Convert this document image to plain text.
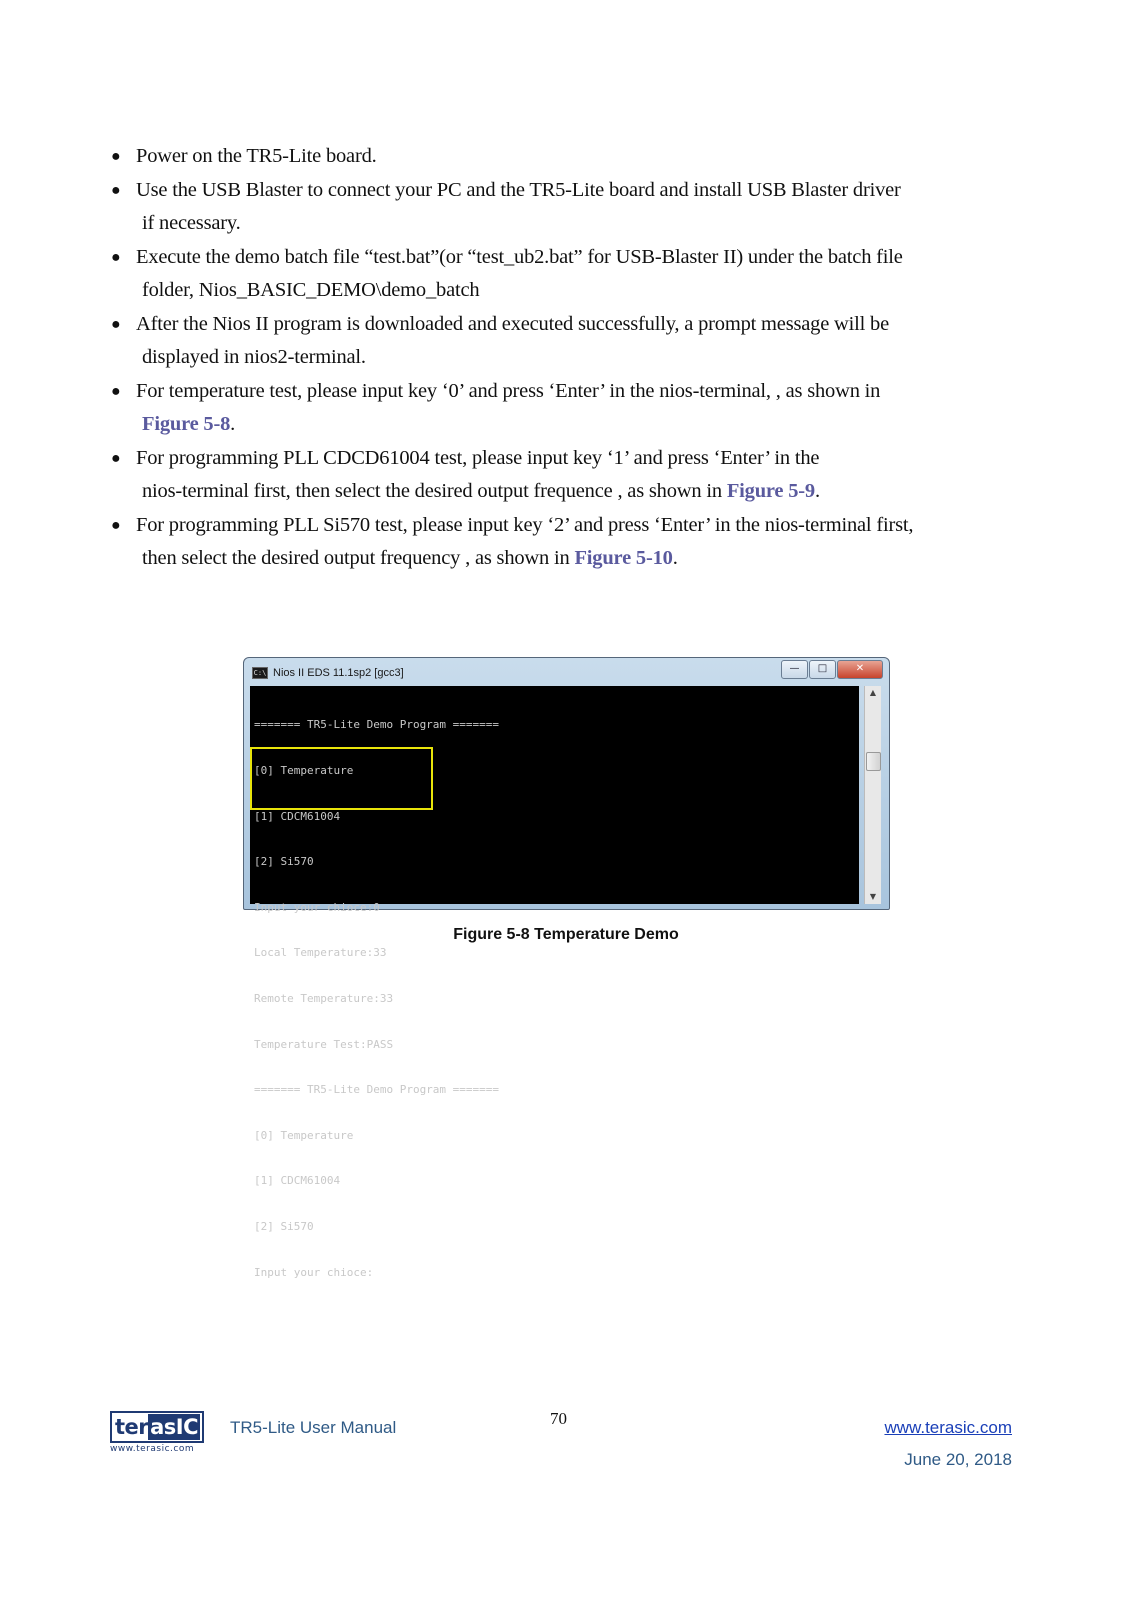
● Power on the TR5-Lite board.
● Use the USB Blaster to connect your PC and the TR5-Lite board and install USB Blaster driver
if necessary.
● Execute the demo batch file “test.bat”(or “test_ub2.bat” for USB-Blaster II) under the batch file
folder, Nios_BASIC_DEMO\demo_batch
● After the Nios II program is downloaded and executed successfully, a prompt message will be
displayed in nios2-terminal.
● For temperature test, please input key ‘0’ and press ‘Enter’ in the nios-terminal, , as shown in
Figure 5-8.
● For programming PLL CDCD61004 test, please input key ‘1’ and press ‘Enter’ in the
nios-terminal first, then select the desired output frequence , as shown in Figure 5-9.
● For programming PLL Si570 test, please input key ‘2’ and press ‘Enter’ in the nios-terminal first,
then select the desired output frequency , as shown in Figure 5-10.
C:\ Nios II EDS 11.1sp2 [gcc3]	—	□	✕

======= TR5-Lite Demo Program =======

[0] Temperature

[1] CDCM61004

[2] Si570

Input your chioce:0

Local Temperature:33

Remote Temperature:33

Temperature Test:PASS

======= TR5-Lite Demo Program =======

[0] Temperature

[1] CDCM61004

[2] Si570

Input your chioce:

▲
▼
Figure 5-8 Temperature Demo
terasIC
www.terasic.com
TR5-Lite User Manual	70	www.terasic.com
June 20, 2018
